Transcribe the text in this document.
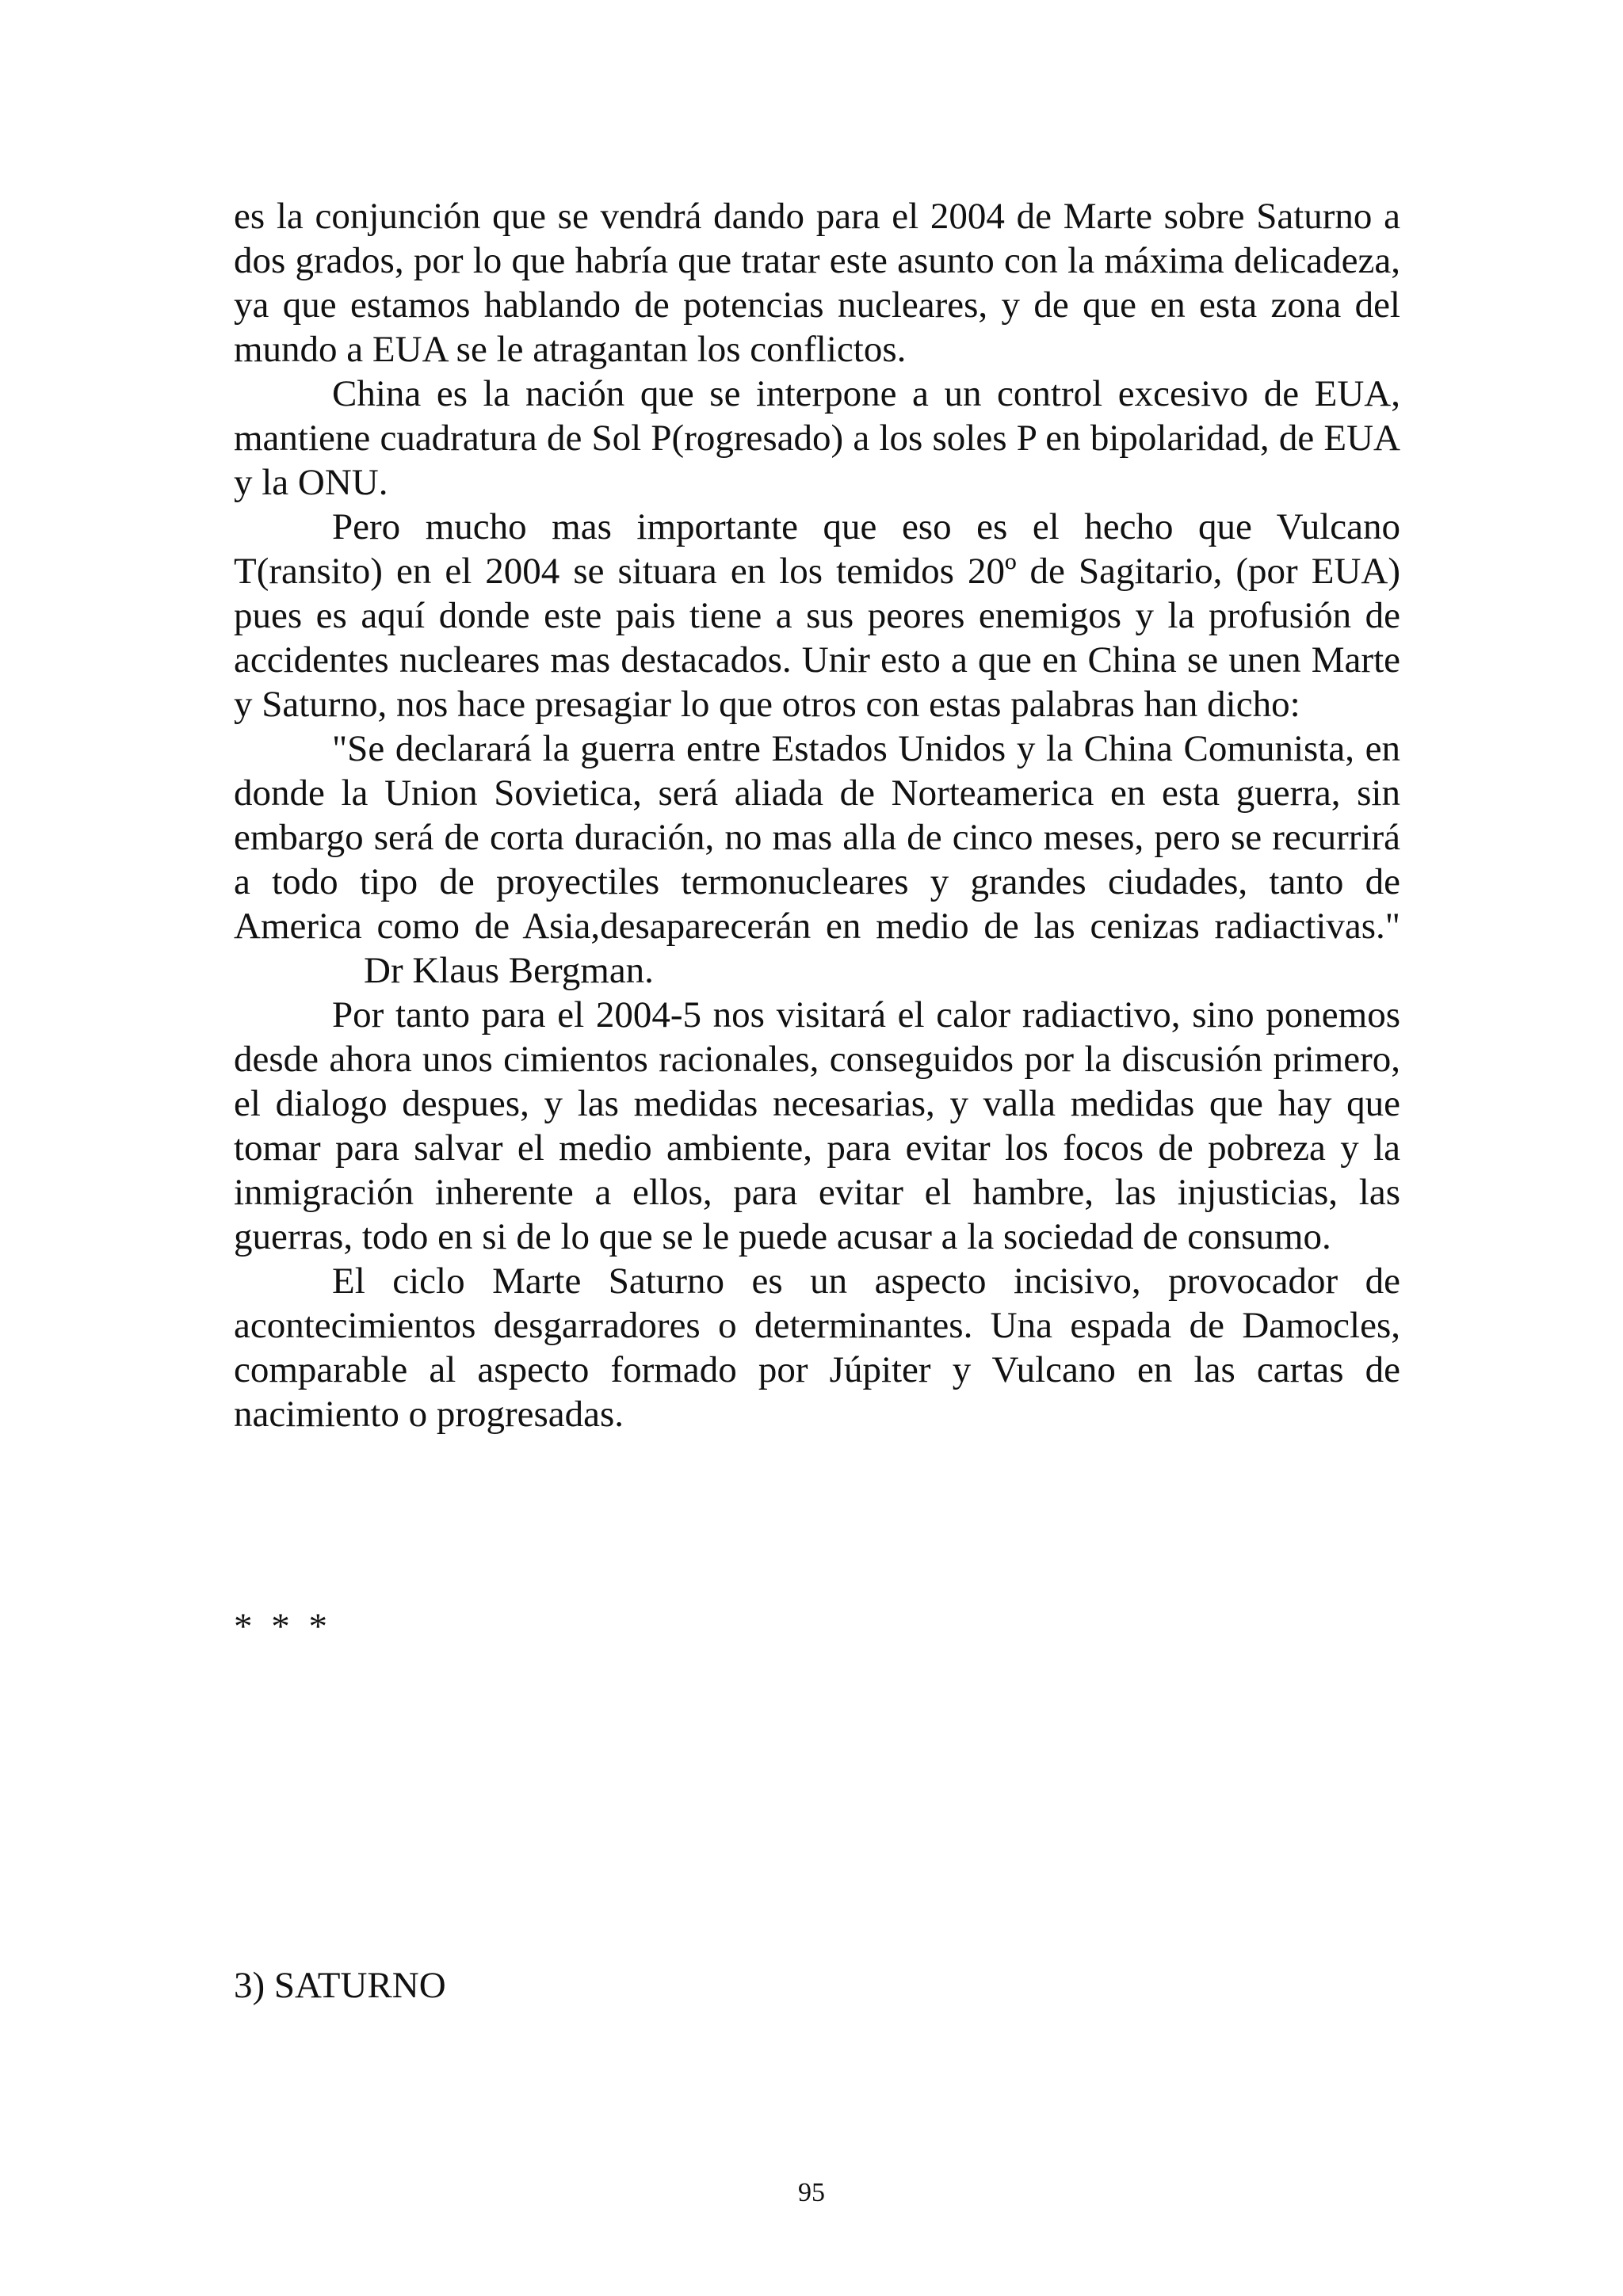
es la conjunción que se vendrá dando para el 2004 de Marte sobre Saturno a dos grados, por lo que habría que tratar este asunto con la máxima delicadeza, ya que estamos hablando de potencias nucleares, y de que en esta zona del mundo a EUA se le atragantan los conflictos.

China es la nación que se interpone a un control excesivo de EUA, mantiene cuadratura de Sol P(rogresado) a los soles P en bipolaridad, de EUA y la ONU.

Pero mucho mas importante que eso es el hecho que Vulcano T(ransito) en el 2004 se situara en los temidos 20º de Sagitario, (por EUA) pues es aquí donde este pais tiene a sus peores enemigos y la profusión de accidentes nucleares mas destacados. Unir esto a que en China se unen Marte y Saturno, nos hace presagiar lo que otros con estas palabras han dicho:

"Se declarará la guerra entre Estados Unidos y la China Comunista, en donde la Union Sovietica, será aliada de Norteamerica en esta guerra, sin embargo será de corta duración, no mas alla de cinco meses, pero se recurrirá a todo tipo de proyectiles termonucleares y grandes ciudades, tanto de America como de Asia,desaparecerán en medio de las cenizas radiactivas."Dr Klaus Bergman.

Por tanto para el 2004-5 nos visitará el calor radiactivo, sino ponemos desde ahora unos cimientos racionales, conseguidos por la discusión primero, el dialogo despues, y las medidas necesarias, y valla medidas que hay que tomar para salvar el medio ambiente, para evitar los focos de pobreza y la inmigración inherente a ellos, para evitar el hambre, las injusticias, las guerras, todo en si de lo que se le puede acusar a la sociedad de consumo.

El ciclo Marte Saturno es un aspecto incisivo, provocador de acontecimientos desgarradores o determinantes. Una espada de Damocles, comparable al aspecto formado por Júpiter y Vulcano en las cartas de nacimiento o progresadas.

* * *
3) SATURNO
95
